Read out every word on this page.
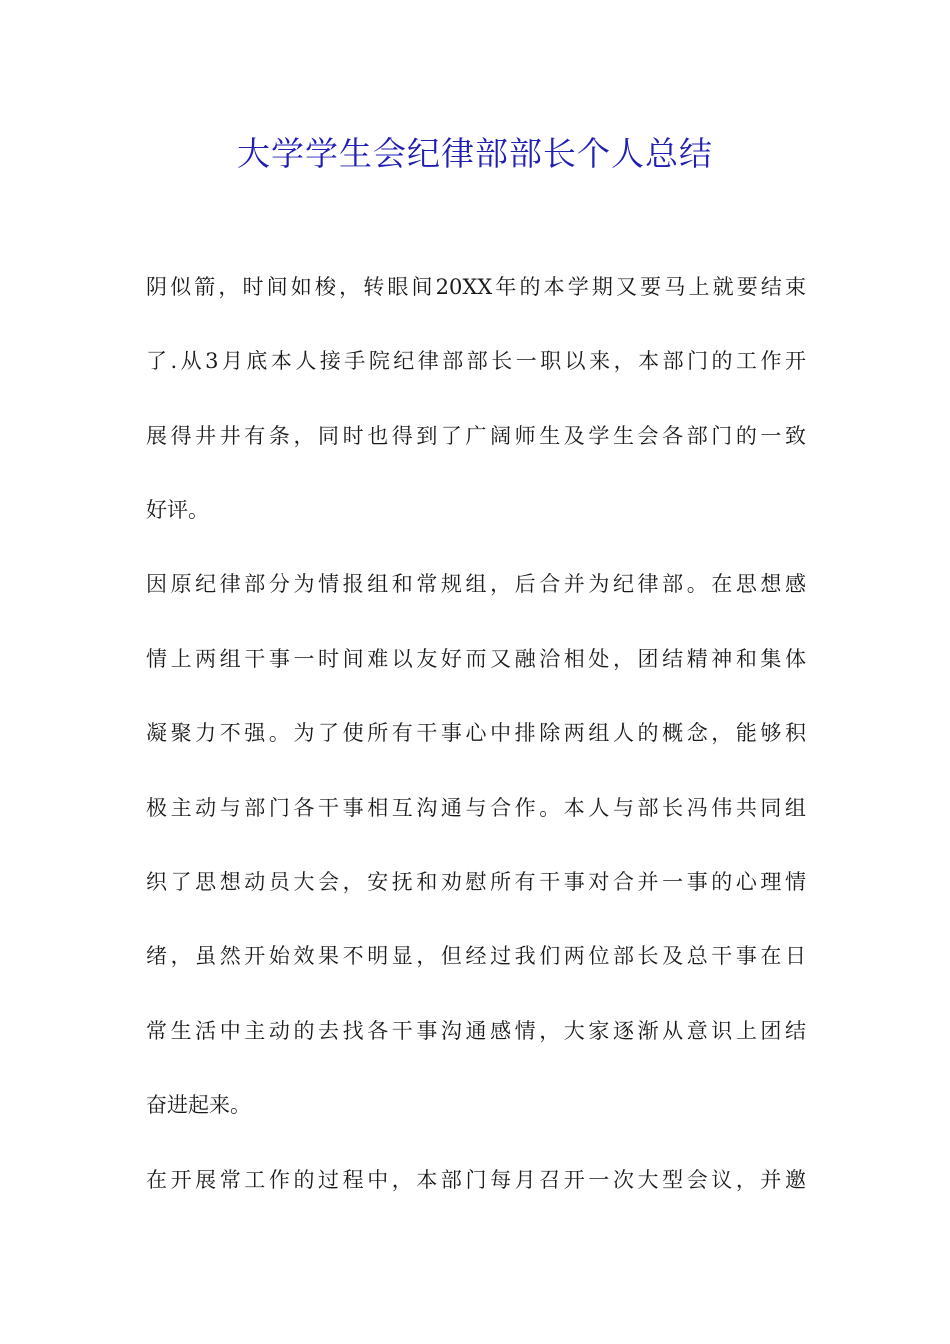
大学学生会纪律部部长个人总结

阴似箭，时间如梭，转眼间20XX年的本学期又要马上就要结束

了.从3月底本人接手院纪律部部长一职以来，本部门的工作开

展得井井有条，同时也得到了广阔师生及学生会各部门的一致

好评。

因原纪律部分为情报组和常规组，后合并为纪律部。在思想感

情上两组干事一时间难以友好而又融洽相处，团结精神和集体

凝聚力不强。为了使所有干事心中排除两组人的概念，能够积

极主动与部门各干事相互沟通与合作。本人与部长冯伟共同组

织了思想动员大会，安抚和劝慰所有干事对合并一事的心理情

绪，虽然开始效果不明显，但经过我们两位部长及总干事在日

常生活中主动的去找各干事沟通感情，大家逐渐从意识上团结

奋进起来。

在开展常工作的过程中，本部门每月召开一次大型会议，并邀
